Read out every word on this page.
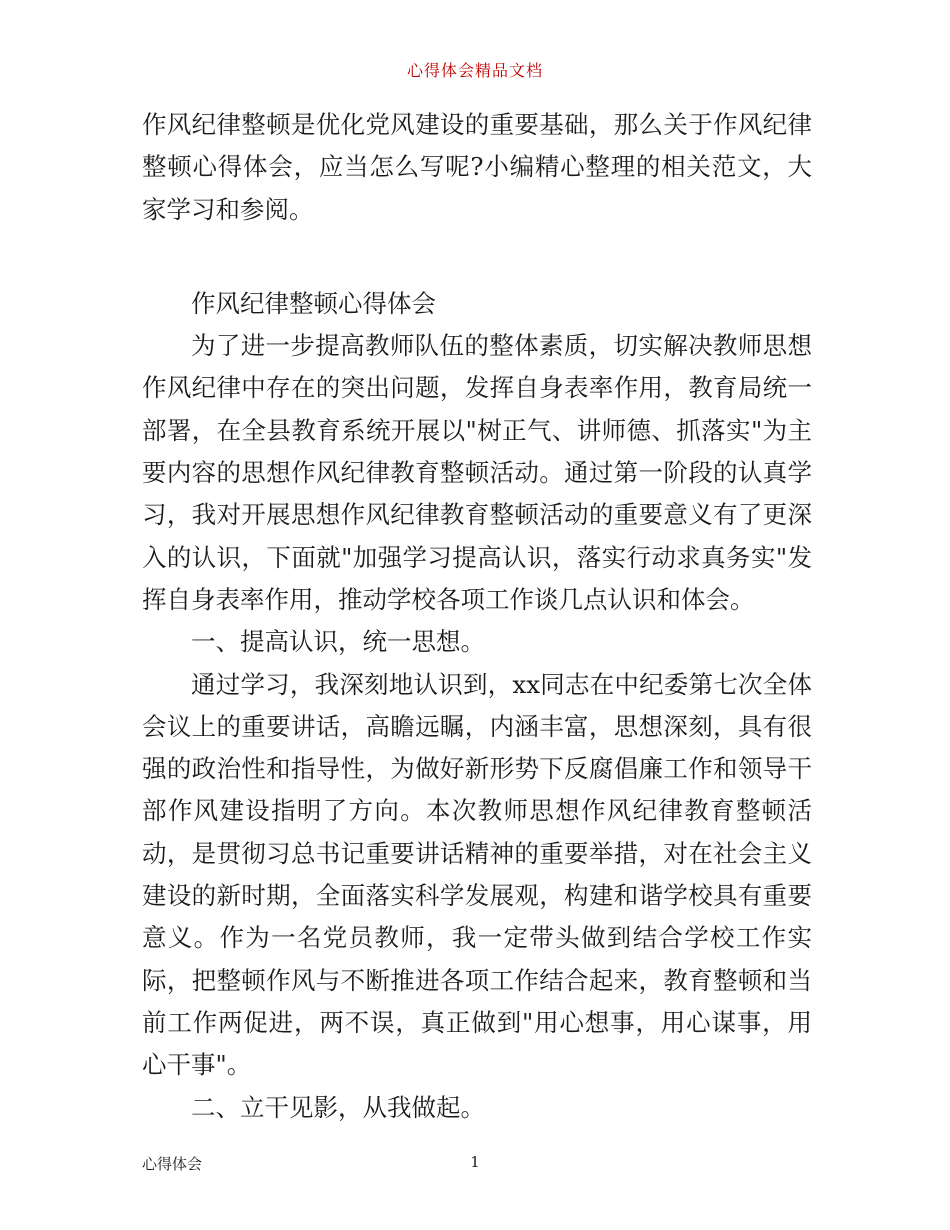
心得体会精品文档

作风纪律整顿是优化党风建设的重要基础，那么关于作风纪律整顿心得体会，应当怎么写呢?小编精心整理的相关范文，大家学习和参阅。

作风纪律整顿心得体会

为了进一步提高教师队伍的整体素质，切实解决教师思想作风纪律中存在的突出问题，发挥自身表率作用，教育局统一部署，在全县教育系统开展以"树正气、讲师德、抓落实"为主要内容的思想作风纪律教育整顿活动。通过第一阶段的认真学习，我对开展思想作风纪律教育整顿活动的重要意义有了更深入的认识，下面就"加强学习提高认识，落实行动求真务实"发挥自身表率作用，推动学校各项工作谈几点认识和体会。

一、提高认识，统一思想。

通过学习，我深刻地认识到，xx同志在中纪委第七次全体会议上的重要讲话，高瞻远瞩，内涵丰富，思想深刻，具有很强的政治性和指导性，为做好新形势下反腐倡廉工作和领导干部作风建设指明了方向。本次教师思想作风纪律教育整顿活动，是贯彻习总书记重要讲话精神的重要举措，对在社会主义建设的新时期，全面落实科学发展观，构建和谐学校具有重要意义。作为一名党员教师，我一定带头做到结合学校工作实际，把整顿作风与不断推进各项工作结合起来，教育整顿和当前工作两促进，两不误，真正做到"用心想事，用心谋事，用心干事"。

二、立干见影，从我做起。

心得体会	1
